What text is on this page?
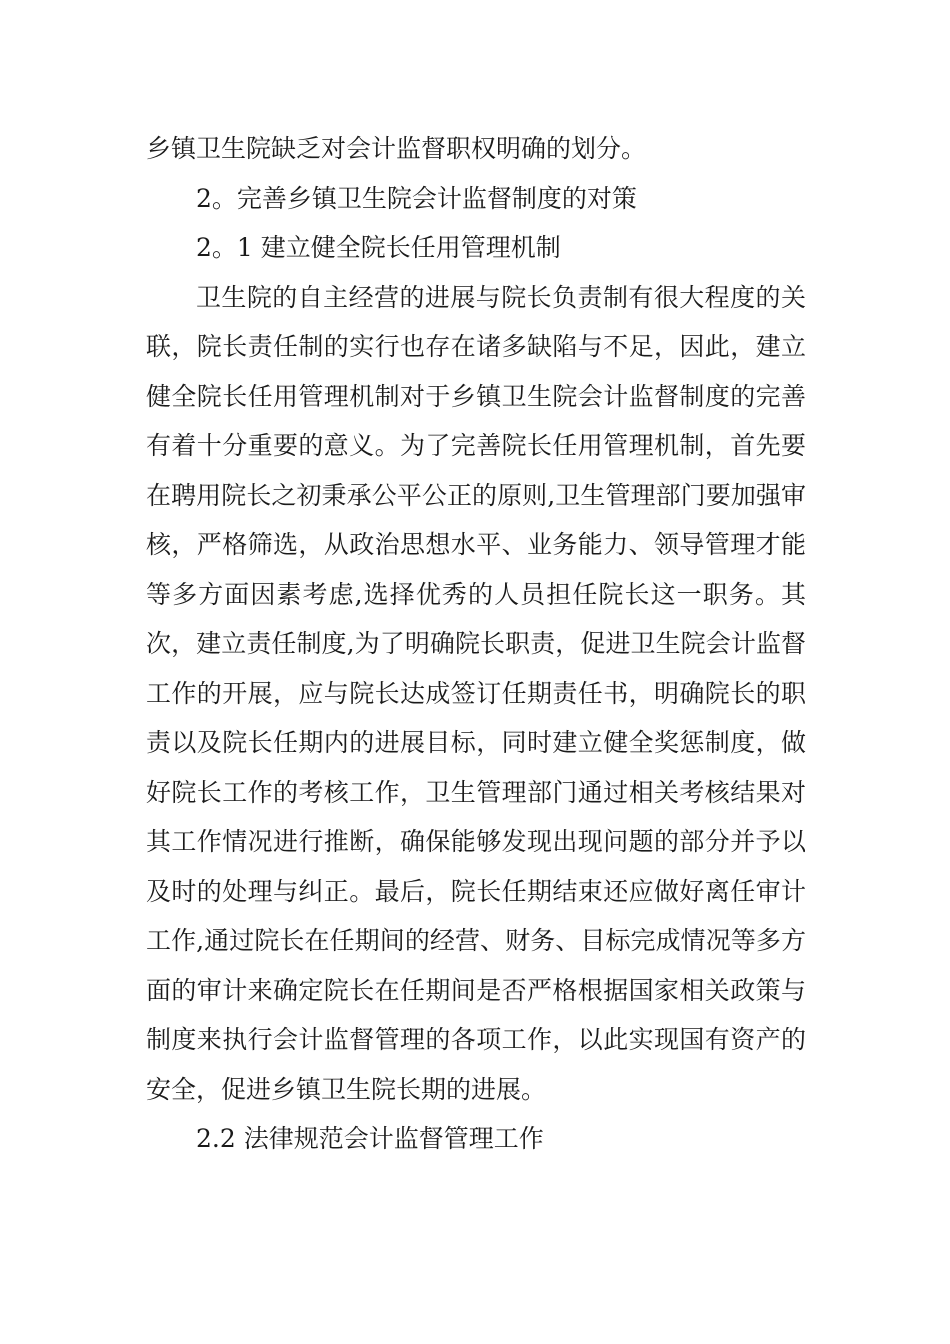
乡镇卫生院缺乏对会计监督职权明确的划分。

2。完善乡镇卫生院会计监督制度的对策

2。1 建立健全院长任用管理机制

卫生院的自主经营的进展与院长负责制有很大程度的关联，院长责任制的实行也存在诸多缺陷与不足，因此，建立健全院长任用管理机制对于乡镇卫生院会计监督制度的完善有着十分重要的意义。为了完善院长任用管理机制，首先要在聘用院长之初秉承公平公正的原则,卫生管理部门要加强审核，严格筛选，从政治思想水平、业务能力、领导管理才能等多方面因素考虑,选择优秀的人员担任院长这一职务。其次，建立责任制度,为了明确院长职责，促进卫生院会计监督工作的开展，应与院长达成签订任期责任书，明确院长的职责以及院长任期内的进展目标，同时建立健全奖惩制度，做好院长工作的考核工作，卫生管理部门通过相关考核结果对其工作情况进行推断，确保能够发现出现问题的部分并予以及时的处理与纠正。最后，院长任期结束还应做好离任审计工作,通过院长在任期间的经营、财务、目标完成情况等多方面的审计来确定院长在任期间是否严格根据国家相关政策与制度来执行会计监督管理的各项工作，以此实现国有资产的安全，促进乡镇卫生院长期的进展。

2.2 法律规范会计监督管理工作
